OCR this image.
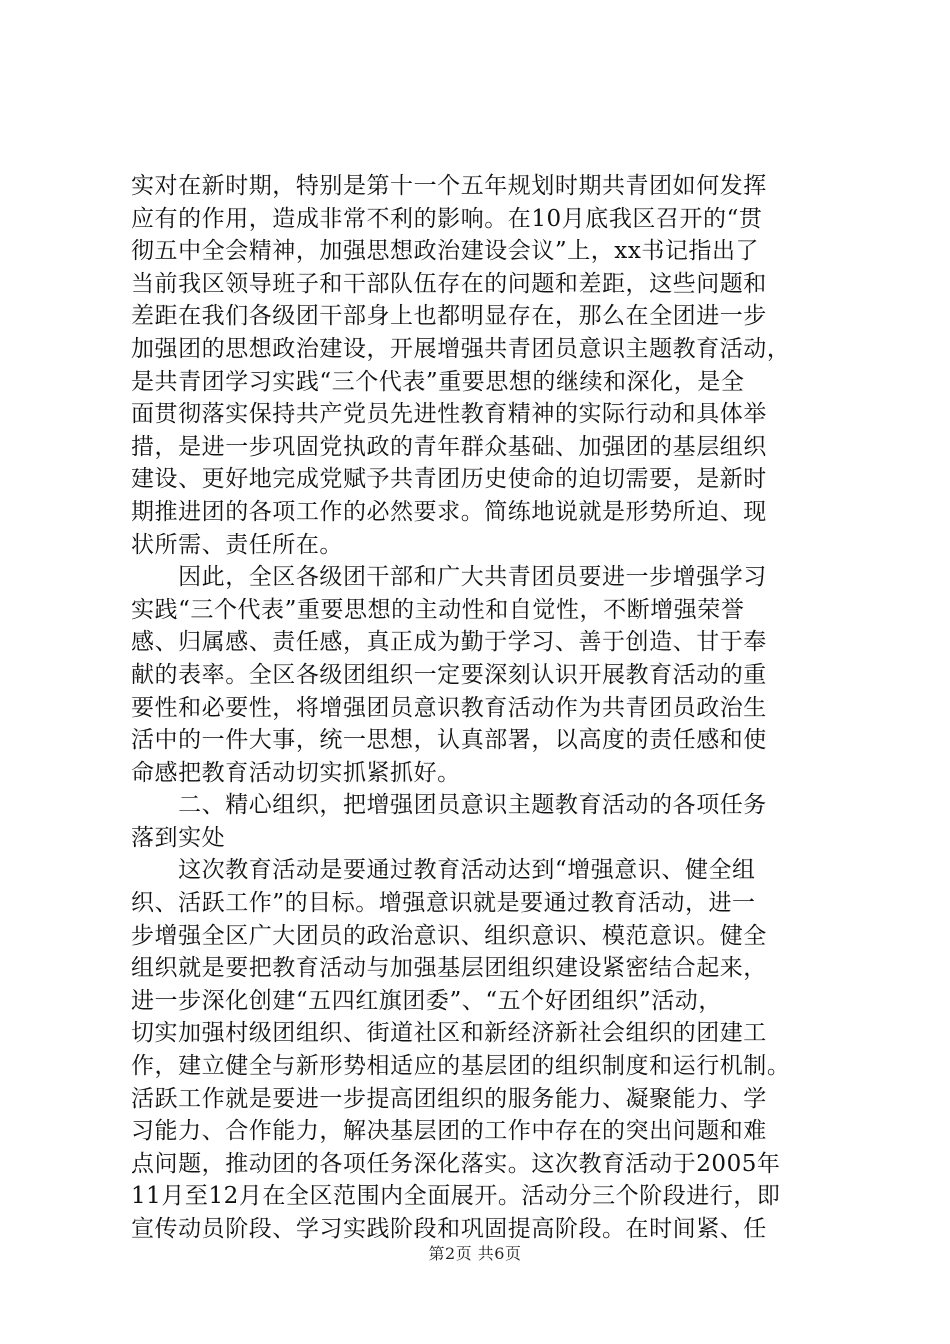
实对在新时期，特别是第十一个五年规划时期共青团如何发挥
应有的作用，造成非常不利的影响。在10月底我区召开的“贯
彻五中全会精神，加强思想政治建设会议”上，xx书记指出了
当前我区领导班子和干部队伍存在的问题和差距，这些问题和
差距在我们各级团干部身上也都明显存在，那么在全团进一步
加强团的思想政治建设，开展增强共青团员意识主题教育活动，
是共青团学习实践“三个代表”重要思想的继续和深化，是全
面贯彻落实保持共产党员先进性教育精神的实际行动和具体举
措，是进一步巩固党执政的青年群众基础、加强团的基层组织
建设、更好地完成党赋予共青团历史使命的迫切需要，是新时
期推进团的各项工作的必然要求。简练地说就是形势所迫、现
状所需、责任所在。
　　因此，全区各级团干部和广大共青团员要进一步增强学习
实践“三个代表”重要思想的主动性和自觉性，不断增强荣誉
感、归属感、责任感，真正成为勤于学习、善于创造、甘于奉
献的表率。全区各级团组织一定要深刻认识开展教育活动的重
要性和必要性，将增强团员意识教育活动作为共青团员政治生
活中的一件大事，统一思想，认真部署，以高度的责任感和使
命感把教育活动切实抓紧抓好。
　　二、精心组织，把增强团员意识主题教育活动的各项任务
落到实处
　　这次教育活动是要通过教育活动达到“增强意识、健全组
织、活跃工作”的目标。增强意识就是要通过教育活动，进一
步增强全区广大团员的政治意识、组织意识、模范意识。健全
组织就是要把教育活动与加强基层团组织建设紧密结合起来，
进一步深化创建“五四红旗团委”、“五个好团组织”活动，
切实加强村级团组织、街道社区和新经济新社会组织的团建工
作，建立健全与新形势相适应的基层团的组织制度和运行机制。
活跃工作就是要进一步提高团组织的服务能力、凝聚能力、学
习能力、合作能力，解决基层团的工作中存在的突出问题和难
点问题，推动团的各项任务深化落实。这次教育活动于2005年
11月至12月在全区范围内全面展开。活动分三个阶段进行，即
宣传动员阶段、学习实践阶段和巩固提高阶段。在时间紧、任
第2页 共6页
